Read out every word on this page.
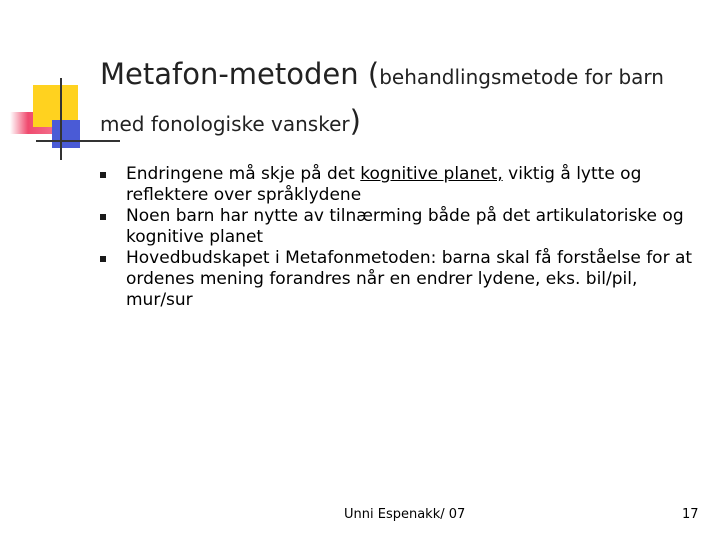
Metafon-metoden (behandlingsmetode for barn
med fonologiske vansker)
Endringene må skje på det kognitive planet, viktig å lytte og reflektere over språklydene
Noen barn har nytte av tilnærming både på det artikulatoriske og kognitive planet
Hovedbudskapet i Metafonmetoden: barna skal få forståelse for at ordenes mening forandres når en endrer lydene, eks. bil/pil, mur/sur
Unni Espenakk/ 07	17
